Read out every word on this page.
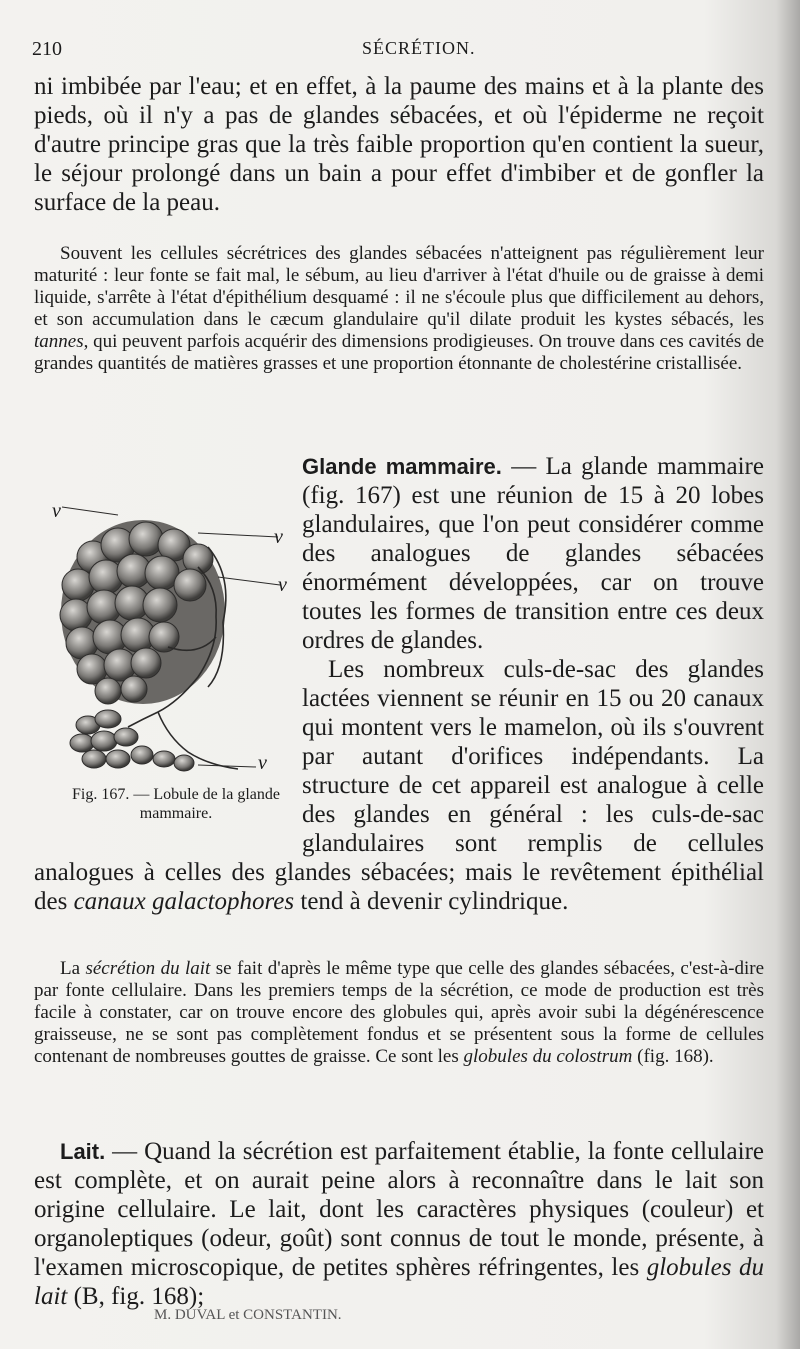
210	SÉCRÉTION.

ni imbibée par l'eau; et en effet, à la paume des mains et à la plante des pieds, où il n'y a pas de glandes sébacées, et où l'épiderme ne reçoit d'autre principe gras que la très faible proportion qu'en contient la sueur, le séjour prolongé dans un bain a pour effet d'imbiber et de gonfler la surface de la peau.

Souvent les cellules sécrétrices des glandes sébacées n'atteignent pas régulièrement leur maturité : leur fonte se fait mal, le sébum, au lieu d'arriver à l'état d'huile ou de graisse à demi liquide, s'arrête à l'état d'épithélium desquamé : il ne s'écoule plus que difficilement au dehors, et son accumulation dans le cæcum glandulaire qu'il dilate produit les kystes sébacés, les tannes, qui peuvent parfois acquérir des dimensions prodigieuses. On trouve dans ces cavités de grandes quantités de matières grasses et une proportion étonnante de cholestérine cristallisée.

v
v
v
v
Fig. 167. — Lobule de la glande mammaire.

Glande mammaire. — La glande mammaire (fig. 167) est une réunion de 15 à 20 lobes glandulaires, que l'on peut considérer comme des analogues de glandes sébacées énormément développées, car on trouve toutes les formes de transition entre ces deux ordres de glandes.

Les nombreux culs-de-sac des glandes lactées viennent se réunir en 15 ou 20 canaux qui montent vers le mamelon, où ils s'ouvrent par autant d'orifices indépendants. La structure de cet appareil est analogue à celle des glandes en général : les culs-de-sac glandulaires sont remplis de cellules analogues à celles des glandes sébacées; mais le revêtement épithélial des canaux galactophores tend à devenir cylindrique.

La sécrétion du lait se fait d'après le même type que celle des glandes sébacées, c'est-à-dire par fonte cellulaire. Dans les premiers temps de la sécrétion, ce mode de production est très facile à constater, car on trouve encore des globules qui, après avoir subi la dégénérescence graisseuse, ne se sont pas complètement fondus et se présentent sous la forme de cellules contenant de nombreuses gouttes de graisse. Ce sont les globules du colostrum (fig. 168).

Lait. — Quand la sécrétion est parfaitement établie, la fonte cellulaire est complète, et on aurait peine alors à reconnaître dans le lait son origine cellulaire. Le lait, dont les caractères physiques (couleur) et organoleptiques (odeur, goût) sont connus de tout le monde, présente, à l'examen microscopique, de petites sphères réfringentes, les globules du lait (B, fig. 168);

M. DUVAL et CONSTANTIN.
